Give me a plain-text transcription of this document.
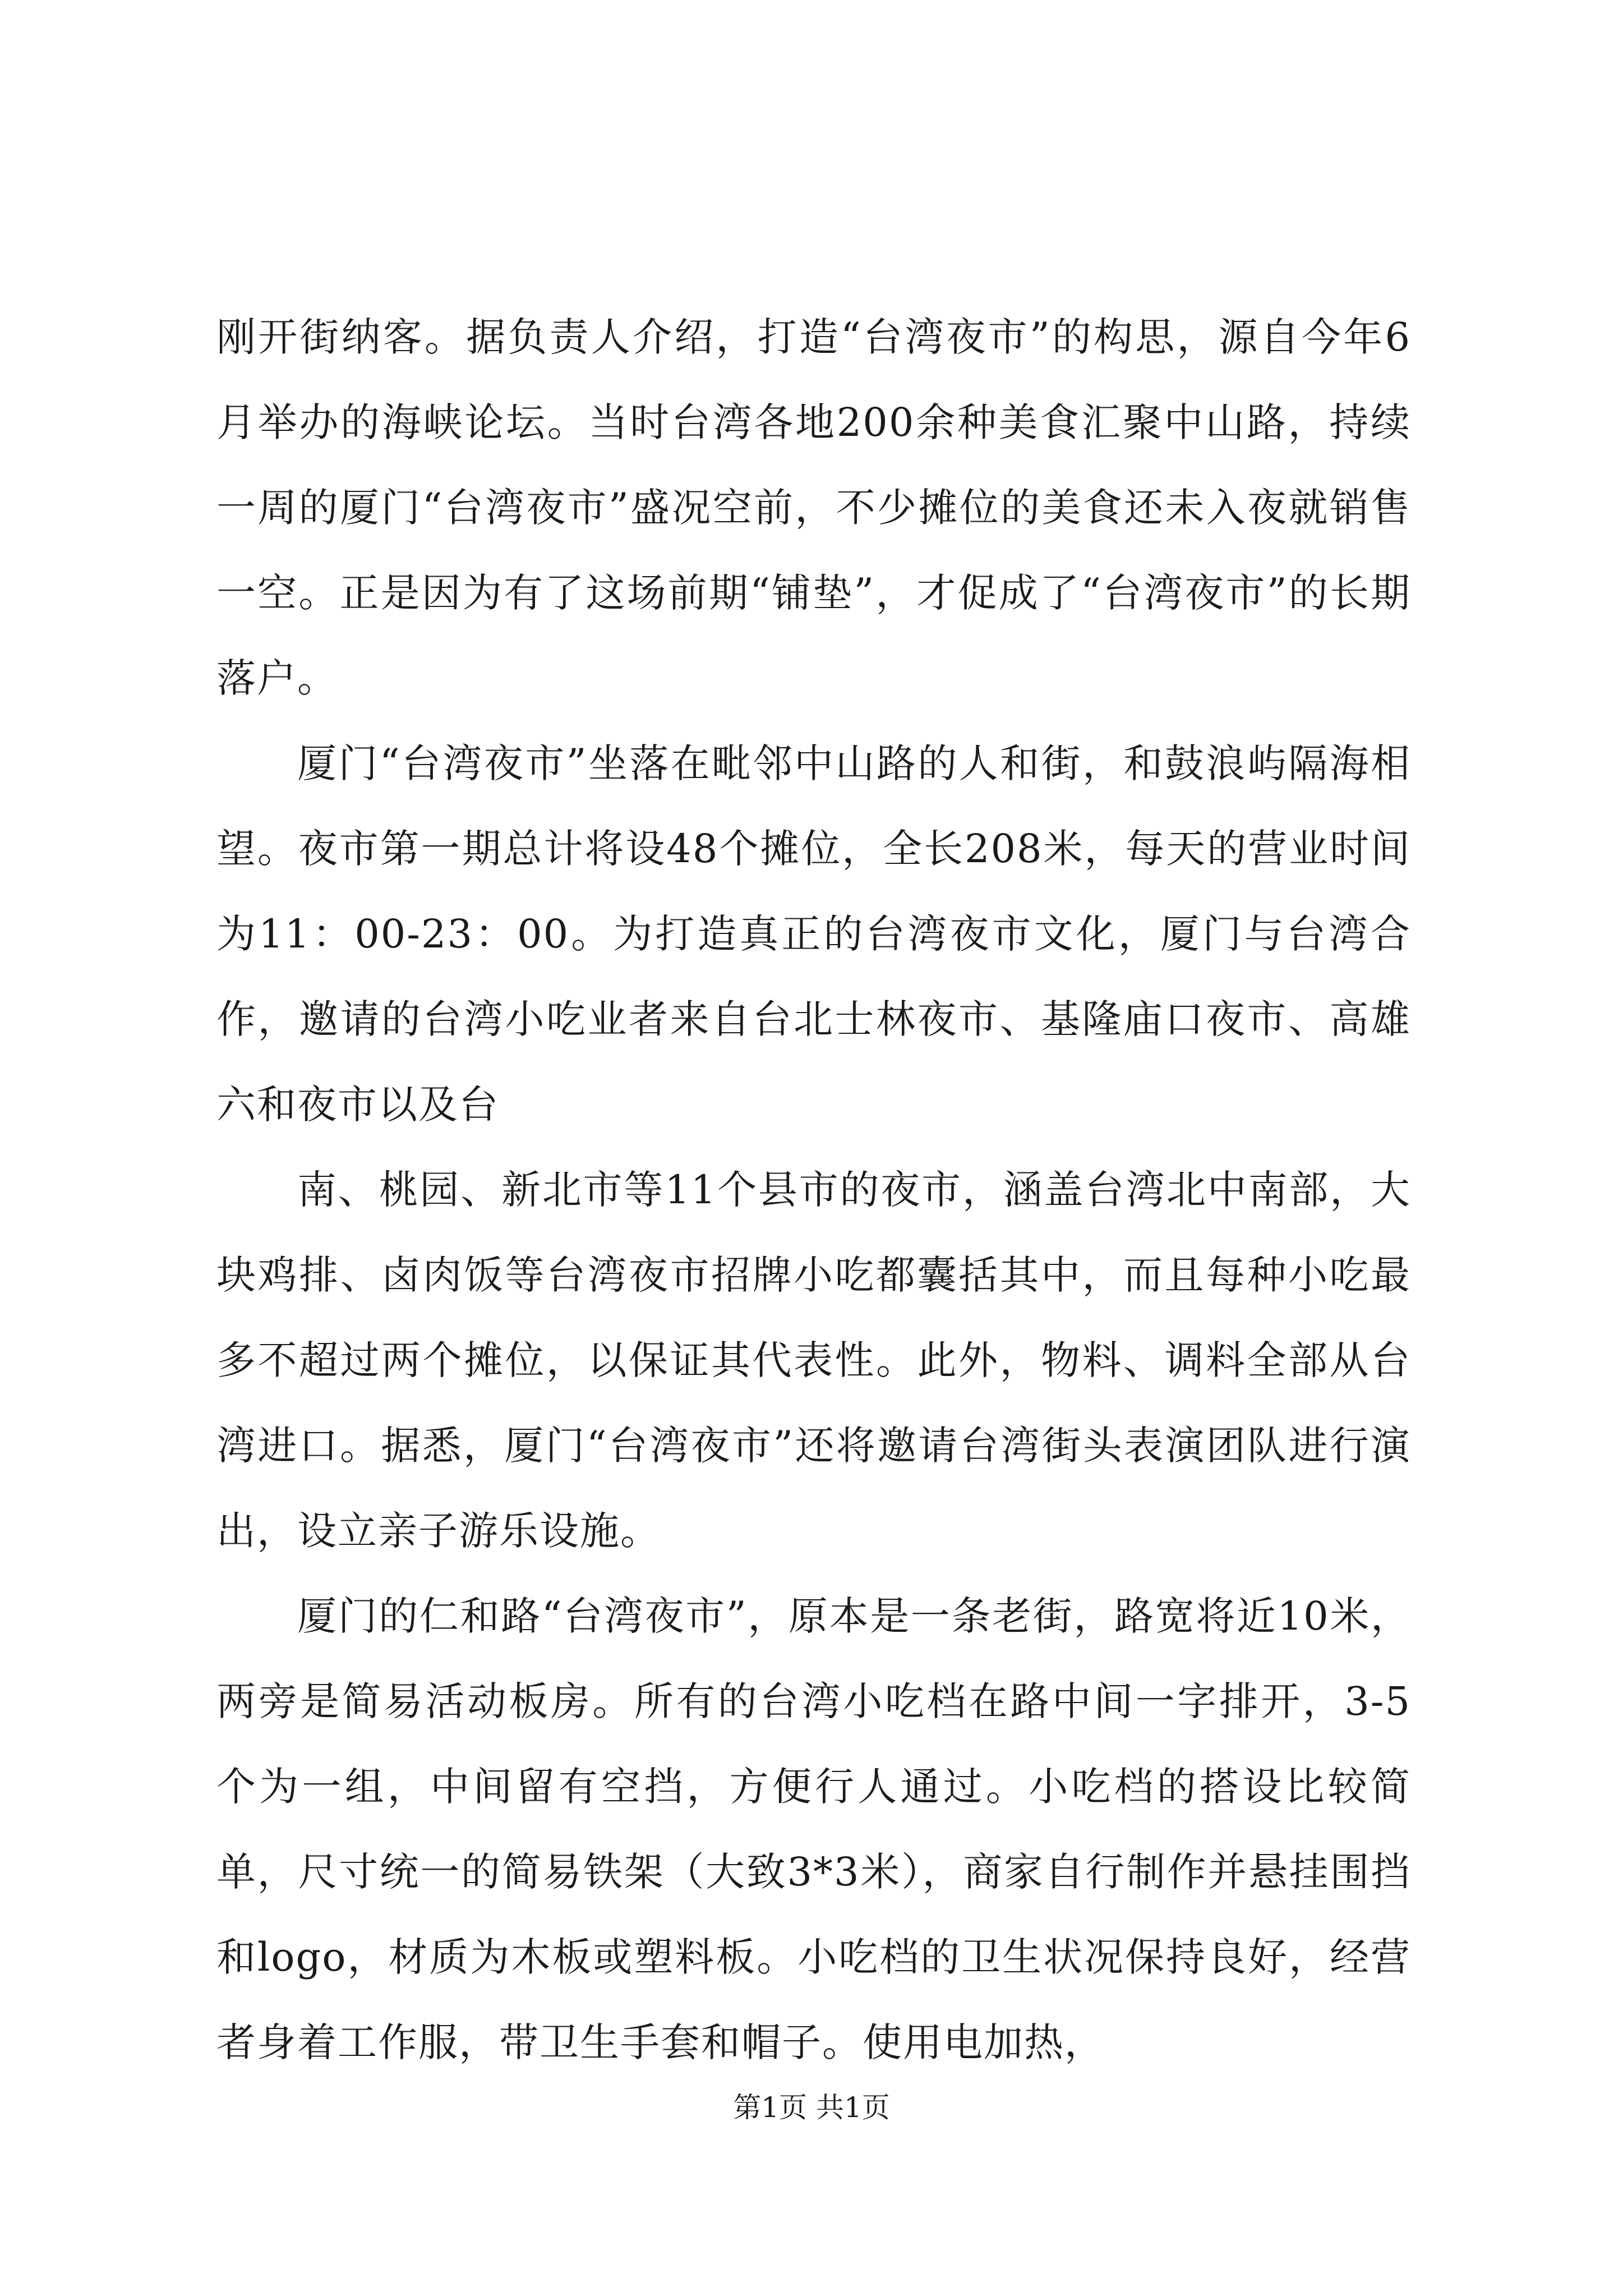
刚开街纳客。据负责人介绍，打造“台湾夜市”的构思，源自今年6月举办的海峡论坛。当时台湾各地200余种美食汇聚中山路，持续一周的厦门“台湾夜市”盛况空前，不少摊位的美食还未入夜就销售一空。正是因为有了这场前期“铺垫”，才促成了“台湾夜市”的长期落户。

厦门“台湾夜市”坐落在毗邻中山路的人和街，和鼓浪屿隔海相望。夜市第一期总计将设48个摊位，全长208米，每天的营业时间为11：00-23：00。为打造真正的台湾夜市文化，厦门与台湾合作，邀请的台湾小吃业者来自台北士林夜市、基隆庙口夜市、高雄六和夜市以及台

南、桃园、新北市等11个县市的夜市，涵盖台湾北中南部，大块鸡排、卤肉饭等台湾夜市招牌小吃都囊括其中，而且每种小吃最多不超过两个摊位，以保证其代表性。此外，物料、调料全部从台湾进口。据悉，厦门“台湾夜市”还将邀请台湾街头表演团队进行演出，设立亲子游乐设施。

厦门的仁和路“台湾夜市”，原本是一条老街，路宽将近10米，两旁是简易活动板房。所有的台湾小吃档在路中间一字排开，3-5个为一组，中间留有空挡，方便行人通过。小吃档的搭设比较简单，尺寸统一的简易铁架（大致3*3米），商家自行制作并悬挂围挡和logo，材质为木板或塑料板。小吃档的卫生状况保持良好，经营者身着工作服，带卫生手套和帽子。使用电加热，

第1页 共1页
